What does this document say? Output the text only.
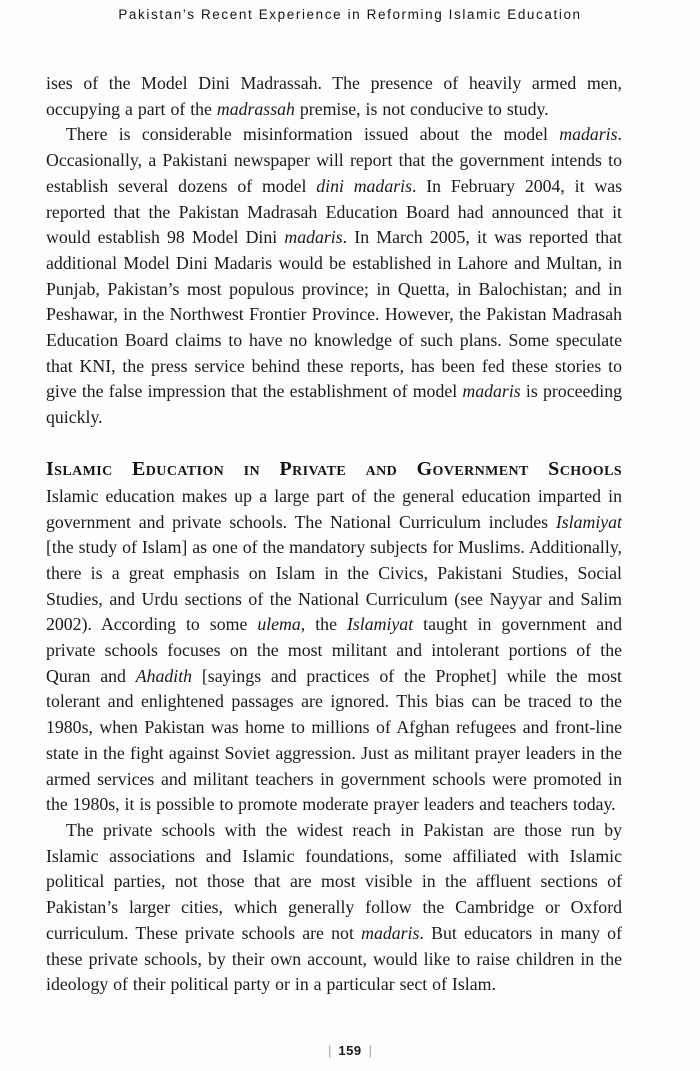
Pakistan’s Recent Experience in Reforming Islamic Education

ises of the Model Dini Madrassah. The presence of heavily armed men, occupying a part of the madrassah premise, is not conducive to study.

There is considerable misinformation issued about the model madaris. Occasionally, a Pakistani newspaper will report that the government intends to establish several dozens of model dini madaris. In February 2004, it was reported that the Pakistan Madrasah Education Board had announced that it would establish 98 Model Dini madaris. In March 2005, it was reported that additional Model Dini Madaris would be established in Lahore and Multan, in Punjab, Pakistan’s most populous province; in Quetta, in Balochistan; and in Peshawar, in the Northwest Frontier Province. However, the Pakistan Madrasah Education Board claims to have no knowledge of such plans. Some speculate that KNI, the press service behind these reports, has been fed these stories to give the false impression that the establishment of model madaris is proceeding quickly.

Islamic Education in Private and Government Schools

Islamic education makes up a large part of the general education imparted in government and private schools. The National Curriculum includes Islamiyat [the study of Islam] as one of the mandatory subjects for Muslims. Additionally, there is a great emphasis on Islam in the Civics, Pakistani Studies, Social Studies, and Urdu sections of the National Curriculum (see Nayyar and Salim 2002). According to some ulema, the Islamiyat taught in government and private schools focuses on the most militant and intolerant portions of the Quran and Ahadith [sayings and practices of the Prophet] while the most tolerant and enlightened passages are ignored. This bias can be traced to the 1980s, when Pakistan was home to millions of Afghan refugees and front-line state in the fight against Soviet aggression. Just as militant prayer leaders in the armed services and militant teachers in government schools were promoted in the 1980s, it is possible to promote moderate prayer leaders and teachers today.

The private schools with the widest reach in Pakistan are those run by Islamic associations and Islamic foundations, some affiliated with Islamic political parties, not those that are most visible in the affluent sections of Pakistan’s larger cities, which generally follow the Cambridge or Oxford curriculum. These private schools are not madaris. But educators in many of these private schools, by their own account, would like to raise children in the ideology of their political party or in a particular sect of Islam.

| 159 |
